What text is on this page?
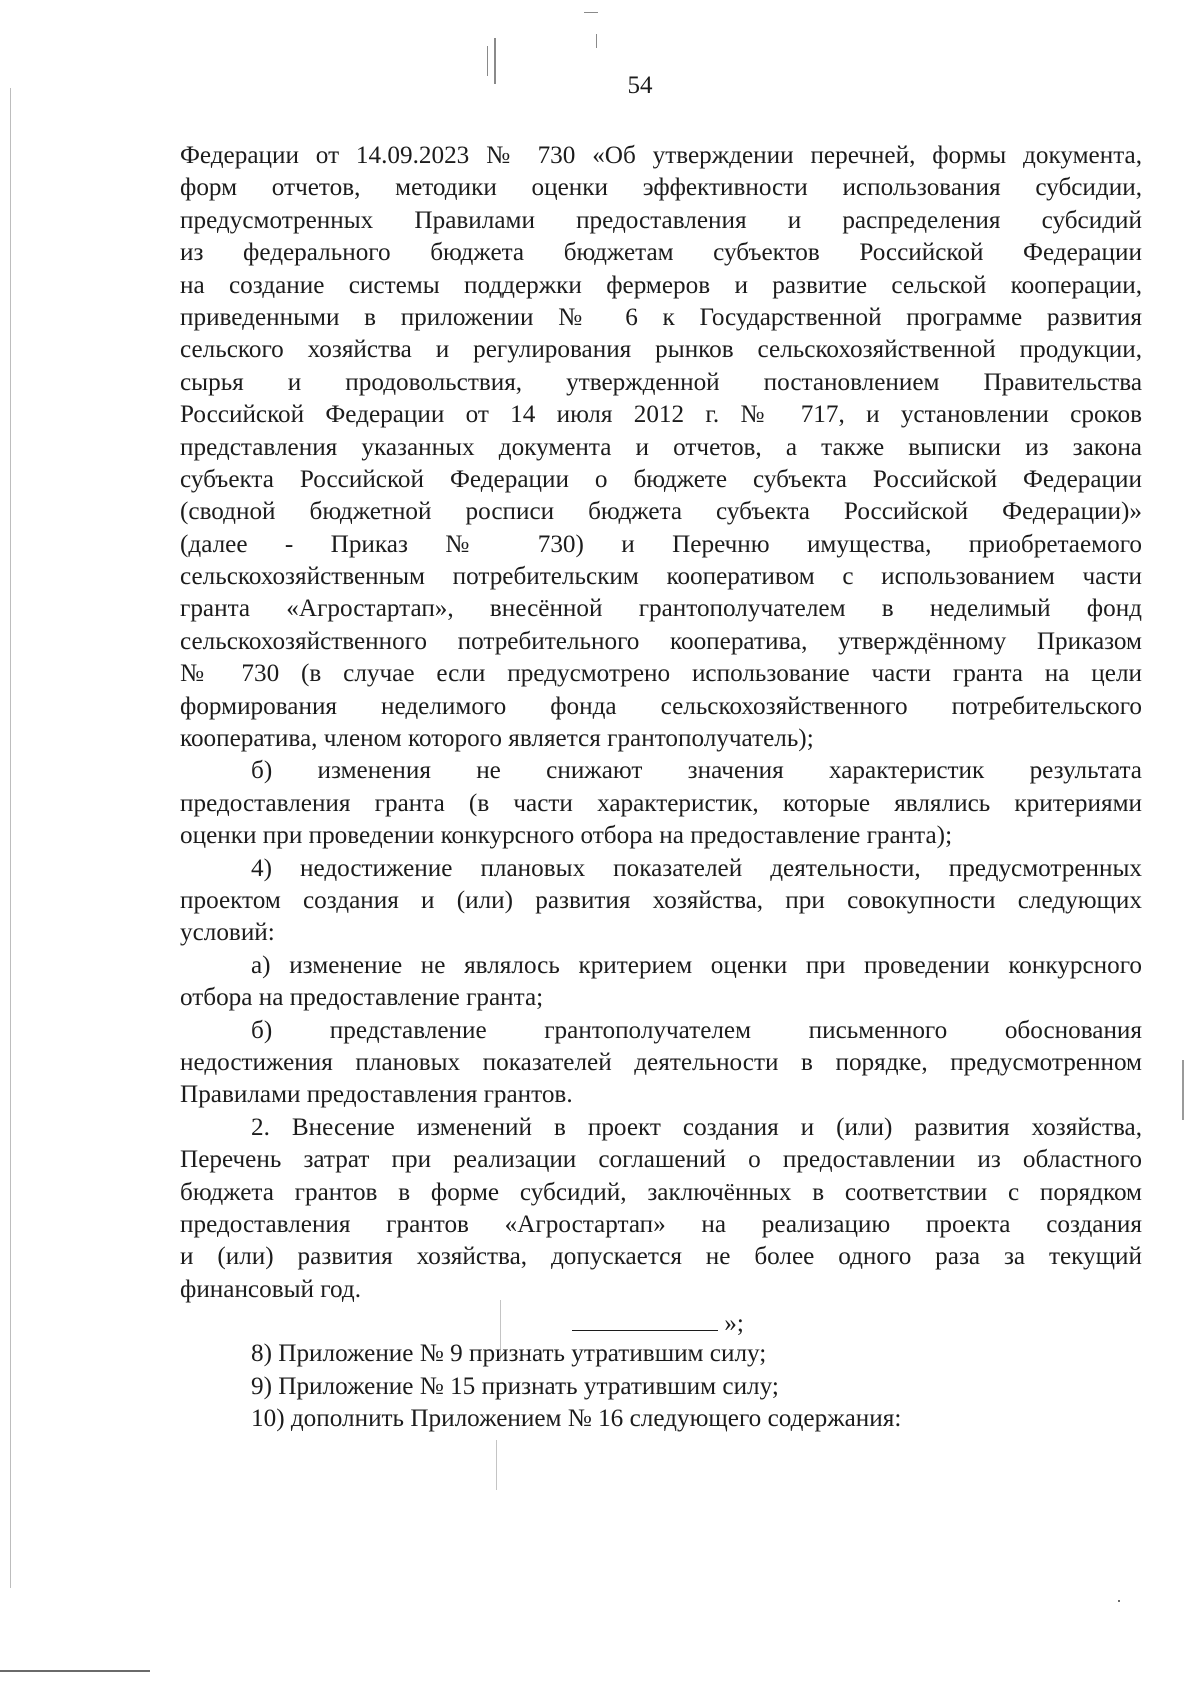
54
Федерации от 14.09.2023 № 730 «Об утверждении перечней, формы документа,
форм отчетов, методики оценки эффективности использования субсидии,
предусмотренных Правилами предоставления и распределения субсидий
из федерального бюджета бюджетам субъектов Российской Федерации
на создание системы поддержки фермеров и развитие сельской кооперации,
приведенными в приложении № 6 к Государственной программе развития
сельского хозяйства и регулирования рынков сельскохозяйственной продукции,
сырья и продовольствия, утвержденной постановлением Правительства
Российской Федерации от 14 июля 2012 г. № 717, и установлении сроков
представления указанных документа и отчетов, а также выписки из закона
субъекта Российской Федерации о бюджете субъекта Российской Федерации
(сводной бюджетной росписи бюджета субъекта Российской Федерации)»
(далее - Приказ № 730) и Перечню имущества, приобретаемого
сельскохозяйственным потребительским кооперативом с использованием части
гранта «Агростартап», внесённой грантополучателем в неделимый фонд
сельскохозяйственного потребительного кооператива, утверждённому Приказом
№ 730 (в случае если предусмотрено использование части гранта на цели
формирования неделимого фонда сельскохозяйственного потребительского
кооператива, членом которого является грантополучатель);
б) изменения не снижают значения характеристик результата
предоставления гранта (в части характеристик, которые являлись критериями
оценки при проведении конкурсного отбора на предоставление гранта);
4) недостижение плановых показателей деятельности, предусмотренных
проектом создания и (или) развития хозяйства, при совокупности следующих
условий:
а) изменение не являлось критерием оценки при проведении конкурсного
отбора на предоставление гранта;
б) представление грантополучателем письменного обоснования
недостижения плановых показателей деятельности в порядке, предусмотренном
Правилами предоставления грантов.
2. Внесение изменений в проект создания и (или) развития хозяйства,
Перечень затрат при реализации соглашений о предоставлении из областного
бюджета грантов в форме субсидий, заключённых в соответствии с порядком
предоставления грантов «Агростартап» на реализацию проекта создания
и (или) развития хозяйства, допускается не более одного раза за текущий
финансовый год.
»;
8) Приложение № 9 признать утратившим силу;
9) Приложение № 15 признать утратившим силу;
10) дополнить Приложением № 16 следующего содержания:
